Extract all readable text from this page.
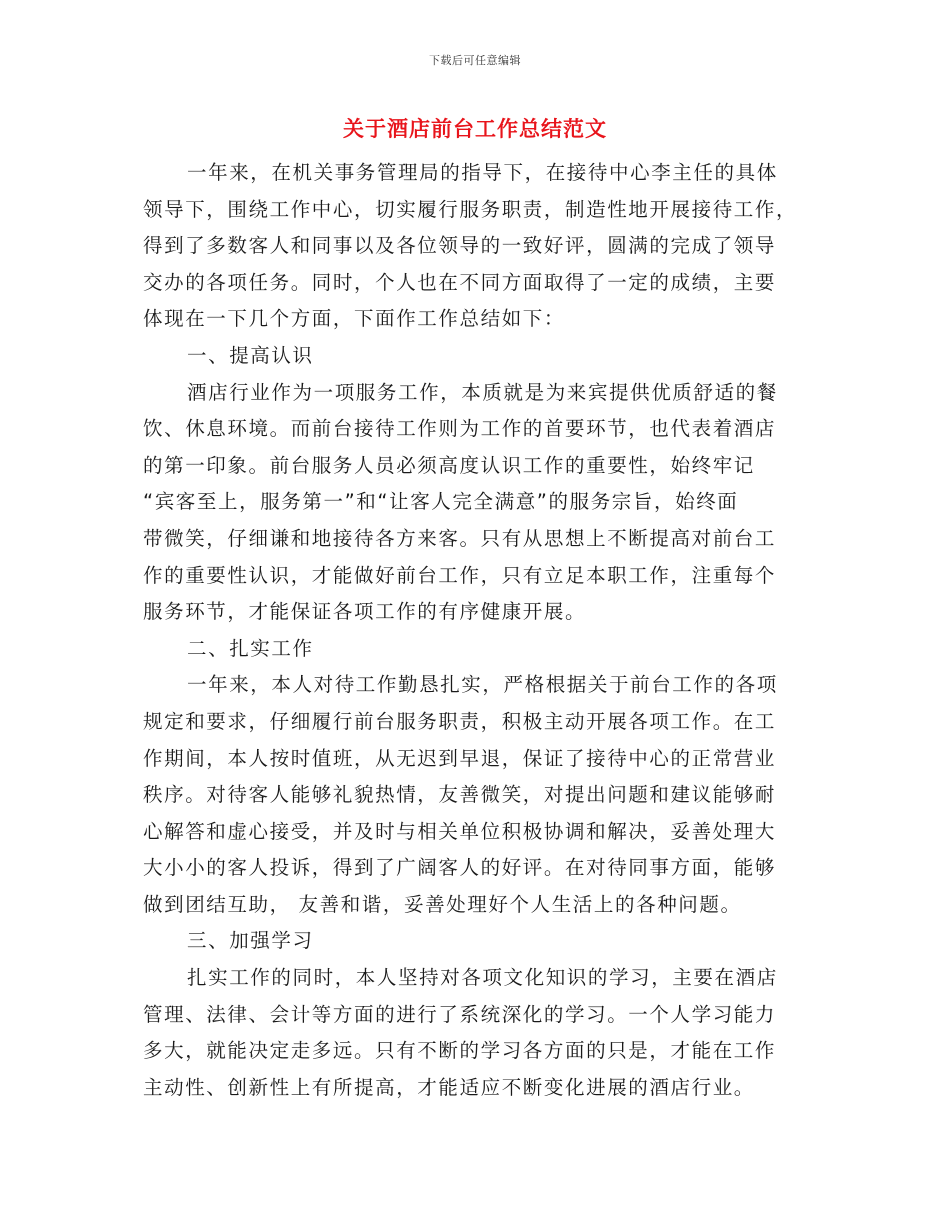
下载后可任意编辑
关于酒店前台工作总结范文
一年来，在机关事务管理局的指导下，在接待中心李主任的具体
领导下，围绕工作中心，切实履行服务职责，制造性地开展接待工作，
得到了多数客人和同事以及各位领导的一致好评，圆满的完成了领导
交办的各项任务。同时，个人也在不同方面取得了一定的成绩，主要
体现在一下几个方面，下面作工作总结如下：
一、提高认识
酒店行业作为一项服务工作，本质就是为来宾提供优质舒适的餐
饮、休息环境。而前台接待工作则为工作的首要环节，也代表着酒店
的第一印象。前台服务人员必须高度认识工作的重要性，始终牢记
“宾客至上，服务第一”和“让客人完全满意”的服务宗旨，始终面
带微笑，仔细谦和地接待各方来客。只有从思想上不断提高对前台工
作的重要性认识，才能做好前台工作，只有立足本职工作，注重每个
服务环节，才能保证各项工作的有序健康开展。
二、扎实工作
一年来，本人对待工作勤恳扎实，严格根据关于前台工作的各项
规定和要求，仔细履行前台服务职责，积极主动开展各项工作。在工
作期间，本人按时值班，从无迟到早退，保证了接待中心的正常营业
秩序。对待客人能够礼貌热情，友善微笑，对提出问题和建议能够耐
心解答和虚心接受，并及时与相关单位积极协调和解决，妥善处理大
大小小的客人投诉，得到了广阔客人的好评。在对待同事方面，能够
做到团结互助， 友善和谐，妥善处理好个人生活上的各种问题。
三、加强学习
扎实工作的同时，本人坚持对各项文化知识的学习，主要在酒店
管理、法律、会计等方面的进行了系统深化的学习。一个人学习能力
多大，就能决定走多远。只有不断的学习各方面的只是，才能在工作
主动性、创新性上有所提高，才能适应不断变化进展的酒店行业。
